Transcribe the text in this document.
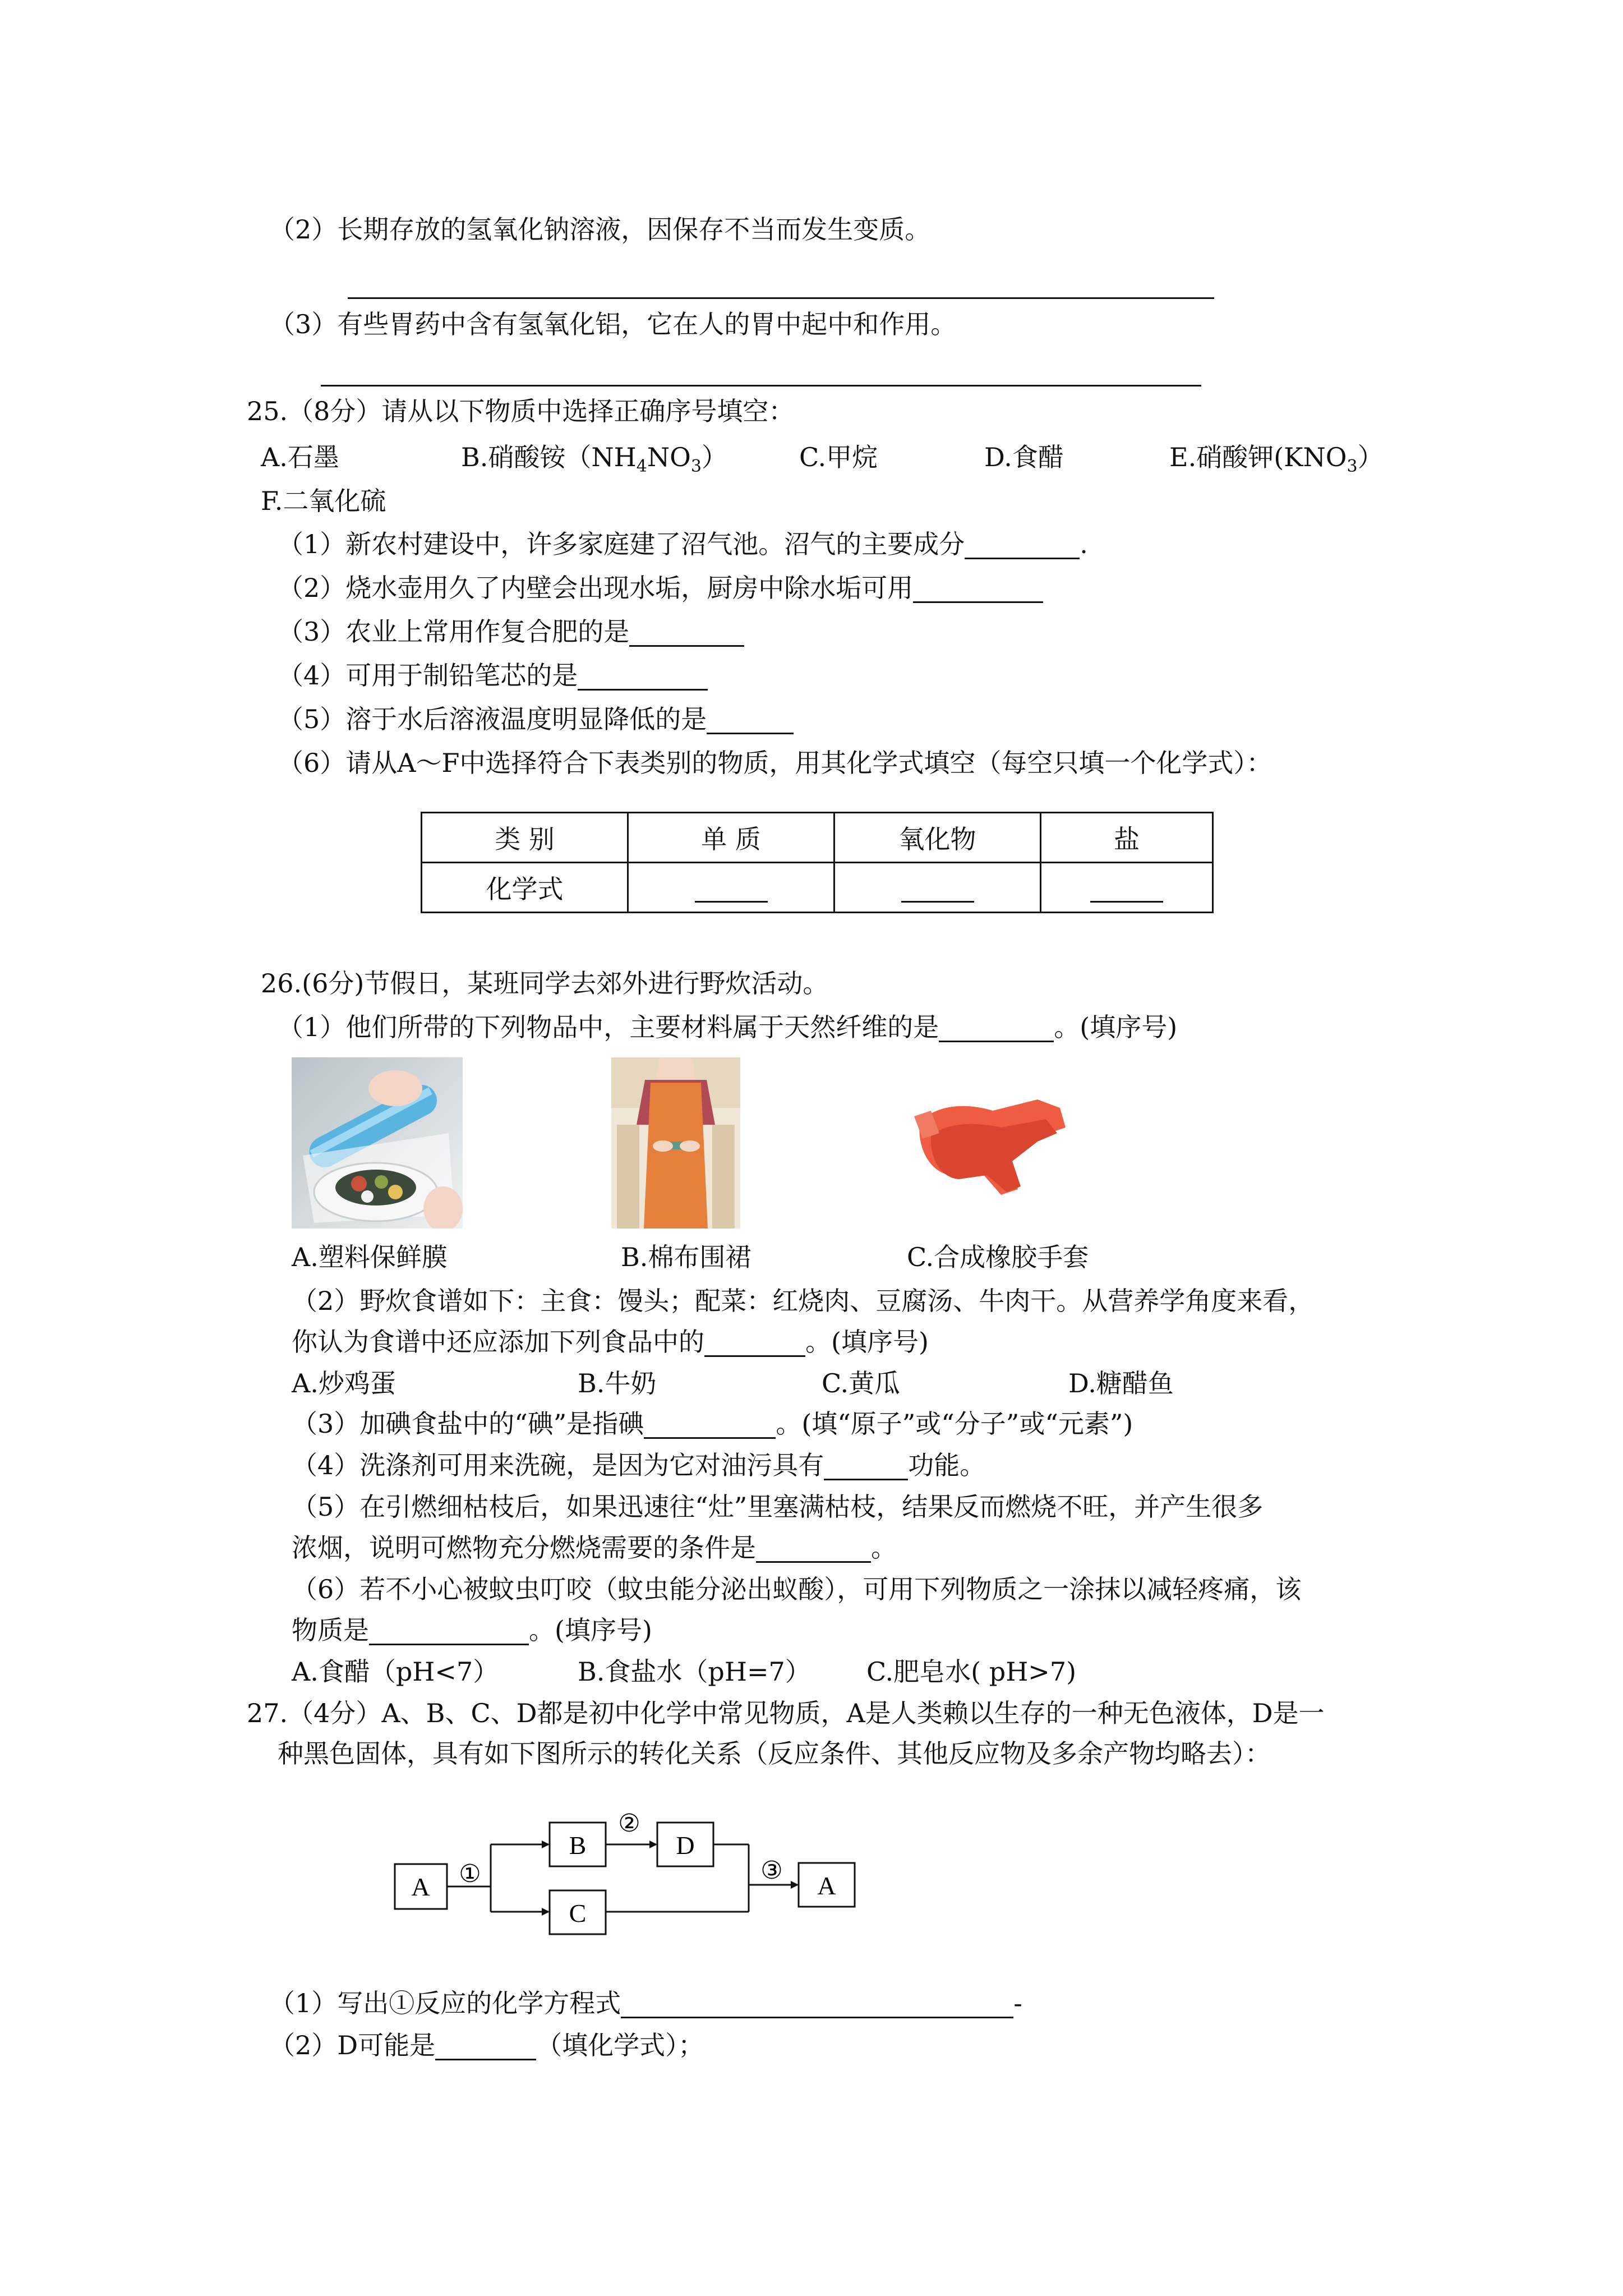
（2）长期存放的氢氧化钠溶液，因保存不当而发生变质。
（3）有些胃药中含有氢氧化铝，它在人的胃中起中和作用。
25.（8分）请从以下物质中选择正确序号填空：
A.石墨	B.硝酸铵$(NH_4NO_3)$	C.甲烷	D.食醋	E.硝酸钾$(KNO_3)$
F.二氧化硫
（1）新农村建设中，许多家庭建了沼气池。沼气的主要成分	.
（2）烧水壶用久了内壁会出现水垢，厨房中除水垢可用
（3）农业上常用作复合肥的是
（4）可用于制铅笔芯的是
（5）溶于水后溶液温度明显降低的是
（6）请从A～F中选择符合下表类别的物质，用其化学式填空（每空只填一个化学式）：
类 别	单 质	氧化物	盐
化学式			
26.(6分)节假日，某班同学去郊外进行野炊活动。
（1）他们所带的下列物品中，主要材料属于天然纤维的是	。(填序号)
A.塑料保鲜膜	B.棉布围裙	C.合成橡胶手套
（2）野炊食谱如下：主食：馒头；配菜：红烧肉、豆腐汤、牛肉干。从营养学角度来看，
你认为食谱中还应添加下列食品中的	。(填序号)
A.炒鸡蛋	B.牛奶	C.黄瓜	D.糖醋鱼
（3）加碘食盐中的“碘”是指碘	。(填“原子”或“分子”或“元素”)
（4）洗涤剂可用来洗碗，是因为它对油污具有	功能。
（5）在引燃细枯枝后，如果迅速往“灶”里塞满枯枝，结果反而燃烧不旺，并产生很多
浓烟，说明可燃物充分燃烧需要的条件是	。
（6）若不小心被蚊虫叮咬（蚊虫能分泌出蚁酸），可用下列物质之一涂抹以减轻疼痛，该
物质是	。(填序号)
A.食醋（pH<7）	B.食盐水（pH=7） C.肥皂水( pH>7)
27.（4分）A、B、C、D都是初中化学中常见物质，A是人类赖以生存的一种无色液体，D是一
种黑色固体，具有如下图所示的转化关系（反应条件、其他反应物及多余产物均略去）：
A
B	D
C
A
①
②
③
（1）写出①反应的化学方程式	-
（2）D可能是	（填化学式）；
